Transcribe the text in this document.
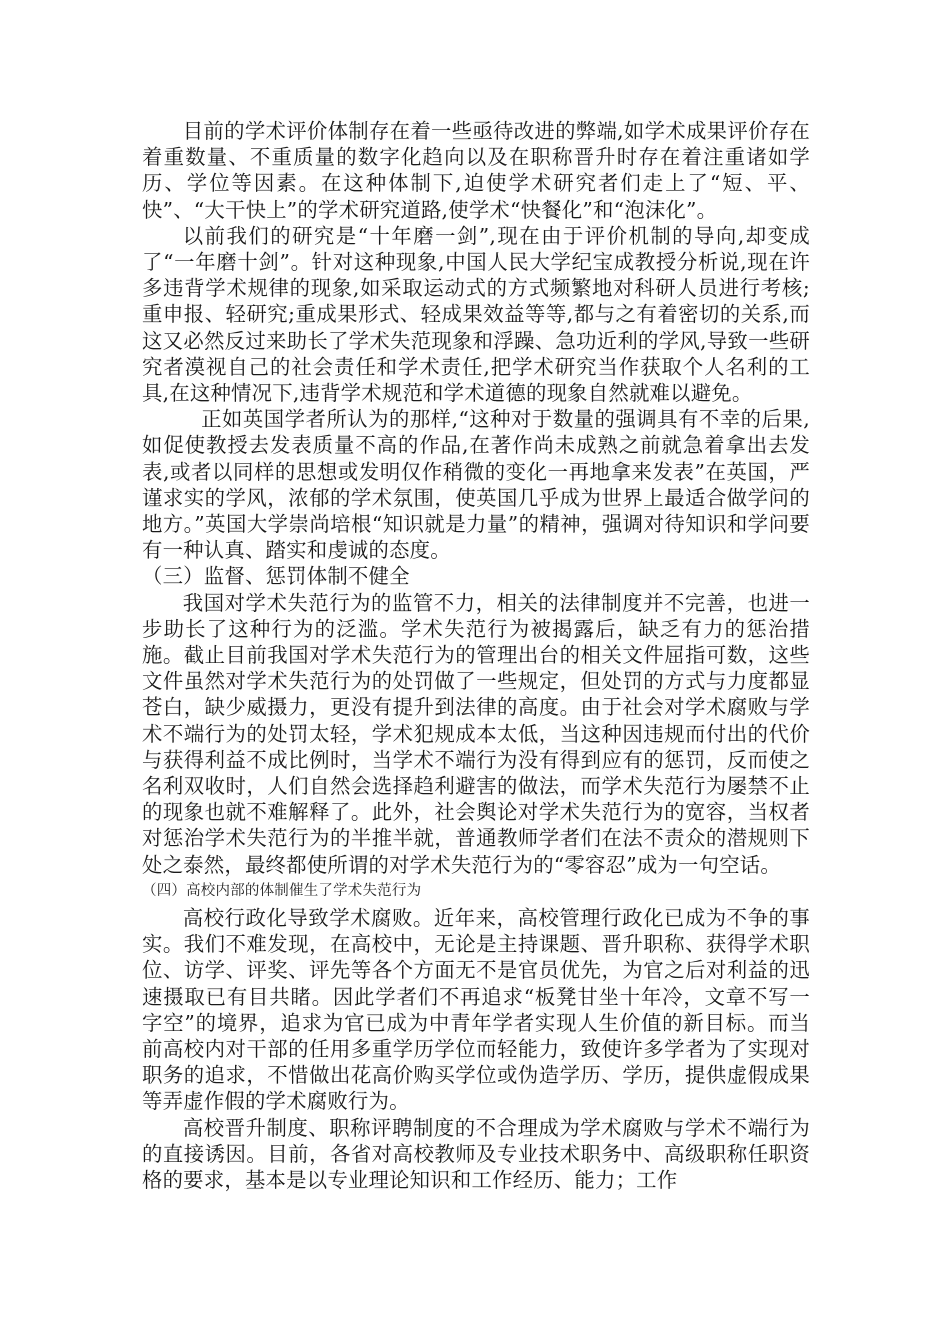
目前的学术评价体制存在着一些亟待改进的弊端,如学术成果评价存在着重数量、不重质量的数字化趋向以及在职称晋升时存在着注重诸如学历、学位等因素。在这种体制下,迫使学术研究者们走上了“短、平、快”、“大干快上”的学术研究道路,使学术“快餐化”和“泡沫化”。

以前我们的研究是“十年磨一剑”,现在由于评价机制的导向,却变成了“一年磨十剑”。针对这种现象,中国人民大学纪宝成教授分析说,现在许多违背学术规律的现象,如采取运动式的方式频繁地对科研人员进行考核;重申报、轻研究;重成果形式、轻成果效益等等,都与之有着密切的关系,而这又必然反过来助长了学术失范现象和浮躁、急功近利的学风,导致一些研究者漠视自己的社会责任和学术责任,把学术研究当作获取个人名利的工具,在这种情况下,违背学术规范和学术道德的现象自然就难以避免。

正如英国学者所认为的那样,“这种对于数量的强调具有不幸的后果,如促使教授去发表质量不高的作品,在著作尚未成熟之前就急着拿出去发表,或者以同样的思想或发明仅作稍微的变化一再地拿来发表”在英国，严谨求实的学风，浓郁的学术氛围，使英国几乎成为世界上最适合做学问的地方。”英国大学崇尚培根“知识就是力量”的精神，强调对待知识和学问要有一种认真、踏实和虔诚的态度。

（三）监督、惩罚体制不健全

我国对学术失范行为的监管不力，相关的法律制度并不完善，也进一步助长了这种行为的泛滥。学术失范行为被揭露后，缺乏有力的惩治措施。截止目前我国对学术失范行为的管理出台的相关文件屈指可数，这些文件虽然对学术失范行为的处罚做了一些规定，但处罚的方式与力度都显苍白，缺少威摄力，更没有提升到法律的高度。由于社会对学术腐败与学术不端行为的处罚太轻，学术犯规成本太低，当这种因违规而付出的代价与获得利益不成比例时，当学术不端行为没有得到应有的惩罚，反而使之名利双收时，人们自然会选择趋利避害的做法，而学术失范行为屡禁不止的现象也就不难解释了。此外，社会舆论对学术失范行为的宽容，当权者对惩治学术失范行为的半推半就，普通教师学者们在法不责众的潜规则下处之泰然，最终都使所谓的对学术失范行为的“零容忍”成为一句空话。

（四）高校内部的体制催生了学术失范行为

高校行政化导致学术腐败。近年来，高校管理行政化已成为不争的事实。我们不难发现，在高校中，无论是主持课题、晋升职称、获得学术职位、访学、评奖、评先等各个方面无不是官员优先，为官之后对利益的迅速摄取已有目共睹。因此学者们不再追求“板凳甘坐十年冷，文章不写一字空”的境界，追求为官已成为中青年学者实现人生价值的新目标。而当前高校内对干部的任用多重学历学位而轻能力，致使许多学者为了实现对职务的追求，不惜做出花高价购买学位或伪造学历、学历，提供虚假成果等弄虚作假的学术腐败行为。

高校晋升制度、职称评聘制度的不合理成为学术腐败与学术不端行为的直接诱因。目前，各省对高校教师及专业技术职务中、高级职称任职资格的要求，基本是以专业理论知识和工作经历、能力；工作
